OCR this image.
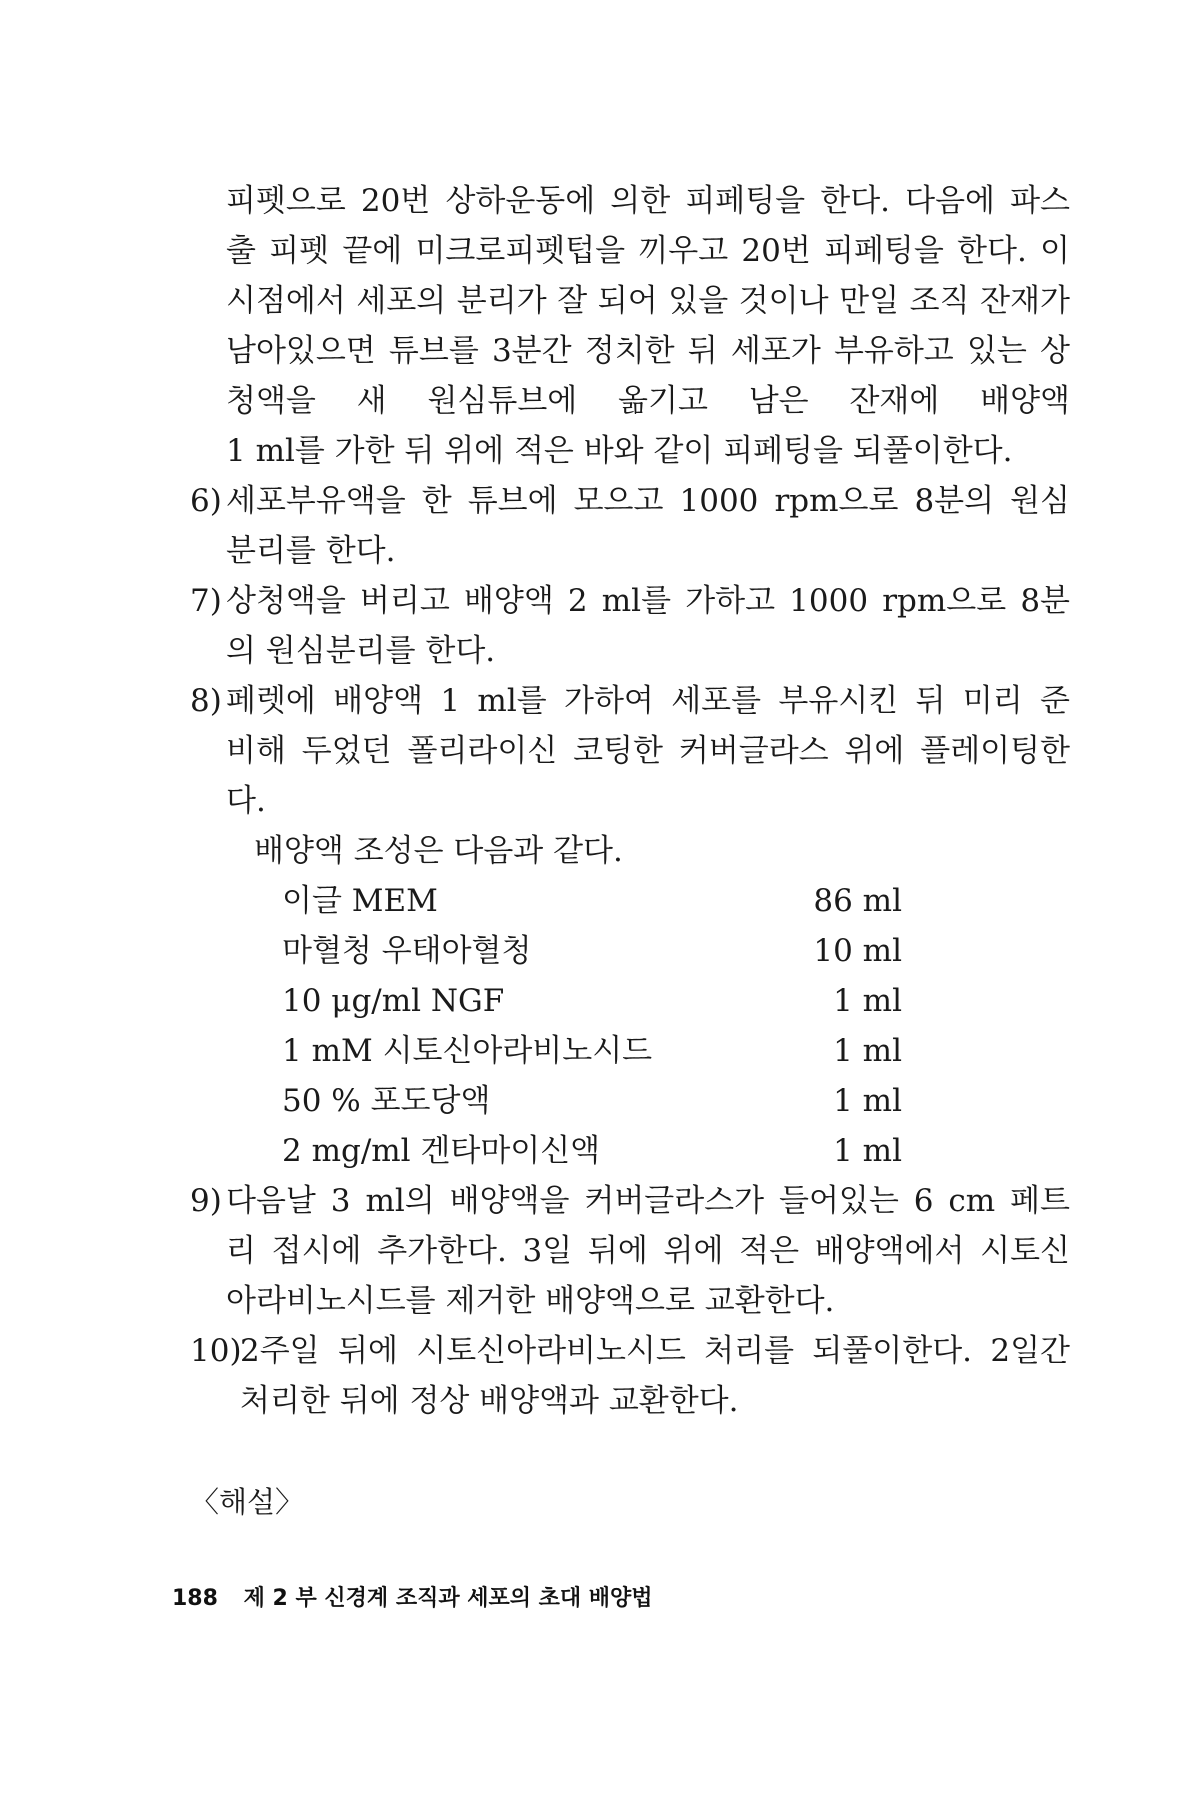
피펫으로 20번 상하운동에 의한 피페팅을 한다. 다음에 파스 출 피펫 끝에 미크로피펫텁을 끼우고 20번 피페팅을 한다. 이 시점에서 세포의 분리가 잘 되어 있을 것이나 만일 조직 잔재가 남아있으면 튜브를 3분간 정치한 뒤 세포가 부유하고 있는 상청액을 새 원심튜브에 옮기고 남은 잔재에 배양액
1 ml를 가한 뒤 위에 적은 바와 같이 피페팅을 되풀이한다.

6) 세포부유액을 한 튜브에 모으고 1000 rpm으로 8분의 원심
분리를 한다.
7) 상청액을 버리고 배양액 2 ml를 가하고 1000 rpm으로 8분
의 원심분리를 한다.
8) 페렛에 배양액 1 ml를 가하여 세포를 부유시킨 뒤 미리 준
비해 두었던 폴리라이신 코팅한 커버글라스 위에 플레이팅한
다.

배양액 조성은 다음과 같다.

이글 MEM	86 ml
마혈청 우태아혈청	10 ml
10 μg/ml NGF	1 ml
1 mM 시토신아라비노시드	1 ml
50 % 포도당액	1 ml
2 mg/ml 겐타마이신액	1 ml
9) 다음날 3 ml의 배양액을 커버글라스가 들어있는 6 cm 페트
리 접시에 추가한다. 3일 뒤에 위에 적은 배양액에서 시토신
아라비노시드를 제거한 배양액으로 교환한다.
10)
2주일 뒤에 시토신아라비노시드 처리를 되풀이한다. 2일간
처리한 뒤에 정상 배양액과 교환한다.
〈해설〉
188 제 2 부 신경계 조직과 세포의 초대 배양법
